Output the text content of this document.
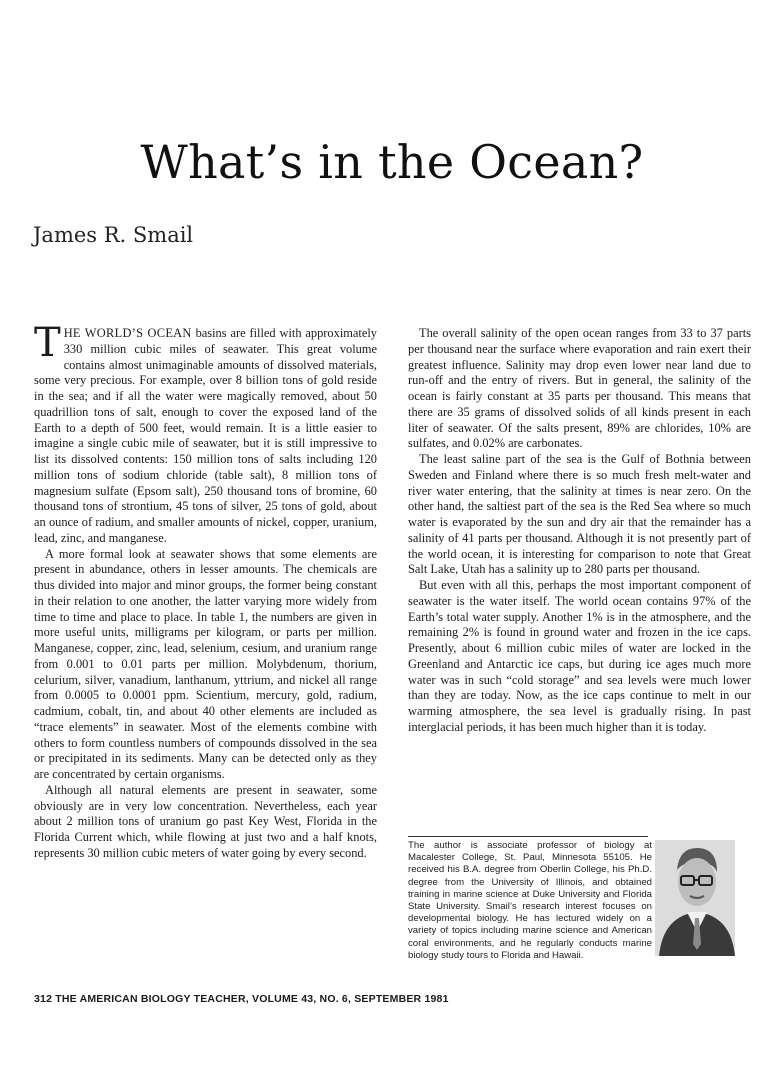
What’s in the Ocean?
James R. Smail

THE WORLD’S OCEAN basins are filled with approximately 330 million cubic miles of seawater. This great volume contains almost unimaginable amounts of dissolved materials, some very precious. For example, over 8 billion tons of gold reside in the sea; and if all the water were magically removed, about 50 quadrillion tons of salt, enough to cover the exposed land of the Earth to a depth of 500 feet, would remain. It is a little easier to imagine a single cubic mile of seawater, but it is still impressive to list its dissolved contents: 150 million tons of salts including 120 million tons of sodium chloride (table salt), 8 million tons of magnesium sulfate (Epsom salt), 250 thousand tons of bromine, 60 thousand tons of strontium, 45 tons of silver, 25 tons of gold, about an ounce of radium, and smaller amounts of nickel, copper, uranium, lead, zinc, and manganese.

A more formal look at seawater shows that some elements are present in abundance, others in lesser amounts. The chemicals are thus divided into major and minor groups, the former being constant in their relation to one another, the latter varying more widely from time to time and place to place. In table 1, the numbers are given in more useful units, milligrams per kilogram, or parts per million. Manganese, copper, zinc, lead, selenium, cesium, and uranium range from 0.001 to 0.01 parts per million. Molybdenum, thorium, celurium, silver, vanadium, lanthanum, yttrium, and nickel all range from 0.0005 to 0.0001 ppm. Scientium, mercury, gold, radium, cadmium, cobalt, tin, and about 40 other elements are included as “trace elements” in seawater. Most of the elements combine with others to form countless numbers of compounds dissolved in the sea or precipitated in its sediments. Many can be detected only as they are concentrated by certain organisms.

Although all natural elements are present in seawater, some obviously are in very low concentration. Nevertheless, each year about 2 million tons of uranium go past Key West, Florida in the Florida Current which, while flowing at just two and a half knots, represents 30 million cubic meters of water going by every second.

The overall salinity of the open ocean ranges from 33 to 37 parts per thousand near the surface where evaporation and rain exert their greatest influence. Salinity may drop even lower near land due to run-off and the entry of rivers. But in general, the salinity of the ocean is fairly constant at 35 parts per thousand. This means that there are 35 grams of dissolved solids of all kinds present in each liter of seawater. Of the salts present, 89% are chlorides, 10% are sulfates, and 0.02% are carbonates.

The least saline part of the sea is the Gulf of Bothnia between Sweden and Finland where there is so much fresh melt-water and river water entering, that the salinity at times is near zero. On the other hand, the saltiest part of the sea is the Red Sea where so much water is evaporated by the sun and dry air that the remainder has a salinity of 41 parts per thousand. Although it is not presently part of the world ocean, it is interesting for comparison to note that Great Salt Lake, Utah has a salinity up to 280 parts per thousand.

But even with all this, perhaps the most important component of seawater is the water itself. The world ocean contains 97% of the Earth’s total water supply. Another 1% is in the atmosphere, and the remaining 2% is found in ground water and frozen in the ice caps. Presently, about 6 million cubic miles of water are locked in the Greenland and Antarctic ice caps, but during ice ages much more water was in such “cold storage” and sea levels were much lower than they are today. Now, as the ice caps continue to melt in our warming atmosphere, the sea level is gradually rising. In past interglacial periods, it has been much higher than it is today.

The author is associate professor of biology at Macalester College, St. Paul, Minnesota 55105. He received his B.A. degree from Oberlin College, his Ph.D. degree from the University of Illinois, and obtained training in marine science at Duke University and Florida State University. Smail’s research interest focuses on developmental biology. He has lectured widely on a variety of topics including marine science and American coral environments, and he regularly conducts marine biology study tours to Florida and Hawaii.
312 THE AMERICAN BIOLOGY TEACHER, VOLUME 43, NO. 6, SEPTEMBER 1981
